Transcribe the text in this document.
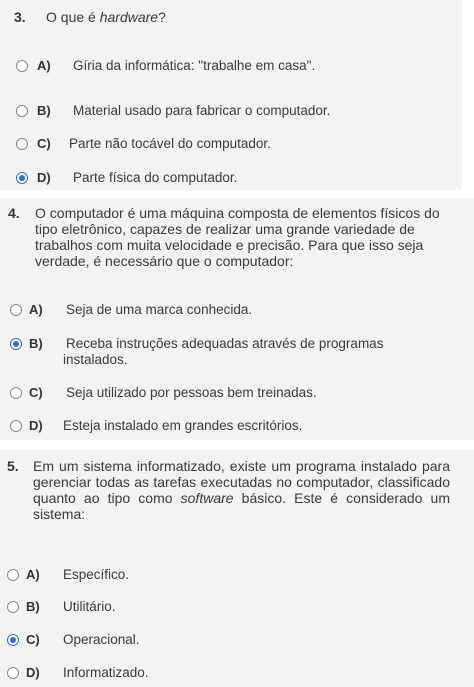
3. O que é hardware?
A) Gíria da informática: "trabalhe em casa".
B) Material usado para fabricar o computador.
C) Parte não tocável do computador.
D) Parte física do computador.
4. O computador é uma máquina composta de elementos físicos do tipo eletrônico, capazes de realizar uma grande variedade de trabalhos com muita velocidade e precisão. Para que isso seja verdade, é necessário que o computador:
A) Seja de uma marca conhecida.
B) Receba instruções adequadas através de programas instalados.
C) Seja utilizado por pessoas bem treinadas.
D) Esteja instalado em grandes escritórios.
5. Em um sistema informatizado, existe um programa instalado para gerenciar todas as tarefas executadas no computador, classificado quanto ao tipo como software básico. Este é considerado um sistema:
A) Específico.
B) Utilitário.
C) Operacional.
D) Informatizado.
